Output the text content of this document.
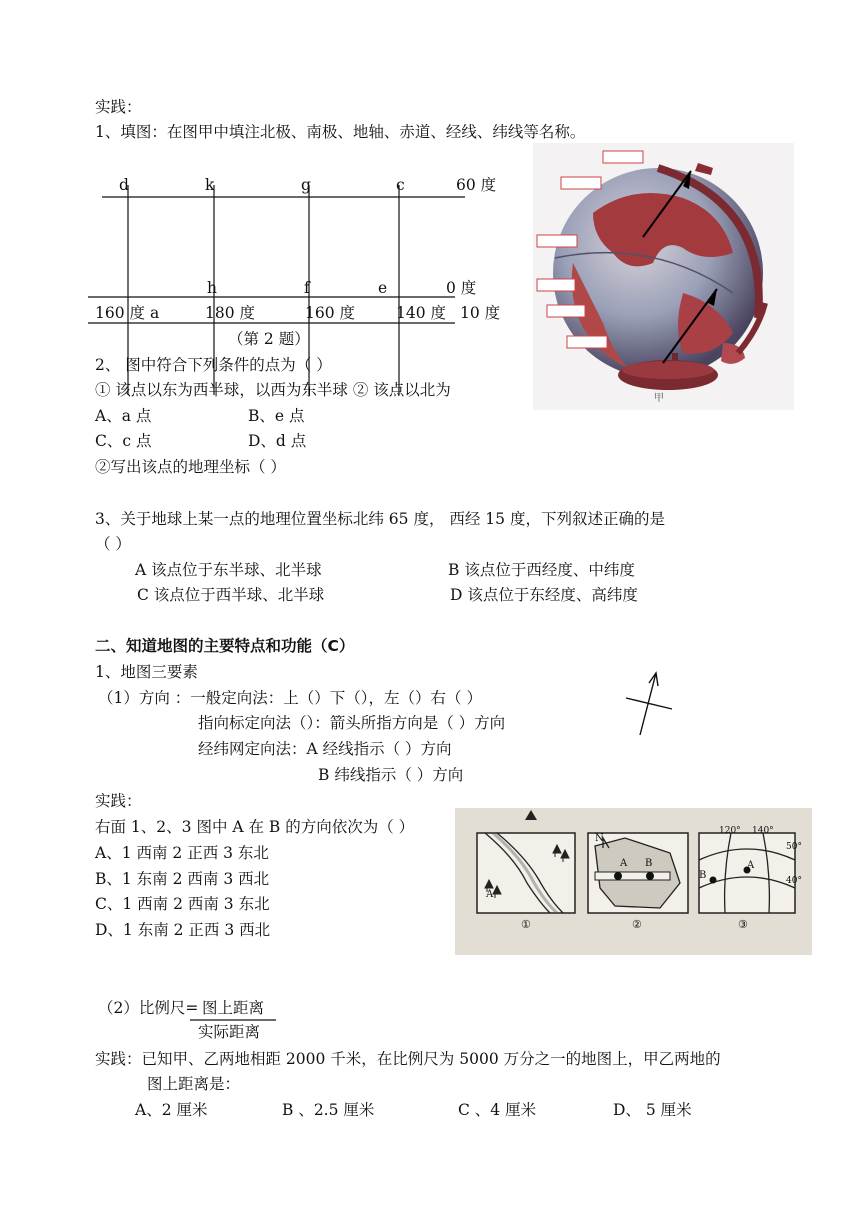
实践：
1、填图：在图甲中填注北极、南极、地轴、赤道、经线、纬线等名称。
d	k	g	c	60 度
h	f	e	0 度
160 度 a	180 度	160 度	140 度 10 度
（第 2 题）
甲
2、 图中符合下列条件的点为（ ）
① 该点以东为西半球，以西为东半球 ② 该点以北为
A、a 点	B、e 点
C、c 点	D、d 点
②写出该点的地理坐标（ ）
3、关于地球上某一点的地理位置坐标北纬 65 度， 西经 15 度，下列叙述正确的是
（ ）
A 该点位于东半球、北半球	B 该点位于西经度、中纬度
C 该点位于西半球、北半球	D 该点位于东经度、高纬度
二、知道地图的主要特点和功能（C）
1、地图三要素
（1）方向 ：一般定向法：上（）下（），左（）右（ ）
指向标定向法（）：箭头所指方向是（ ）方向
经纬网定向法：A 经线指示（ ）方向
B 纬线指示（ ）方向
实践：
右面 1、2、3 图中 A 在 B 的方向依次为（ ）
A、1 西南 2 正西 3 东北
B、1 东南 2 西南 3 西北
C、1 西南 2 西南 3 东北
D、1 东南 2 正西 3 西北
A
N
A B	A
B
120° 140°
50°
40°
①	②	③
（2）比例尺= 图上距离
实际距离
实践：已知甲、乙两地相距 2000 千米，在比例尺为 5000 万分之一的地图上，甲乙两地的
图上距离是：
A、2 厘米	B 、2.5 厘米	C 、4 厘米	D、 5 厘米
